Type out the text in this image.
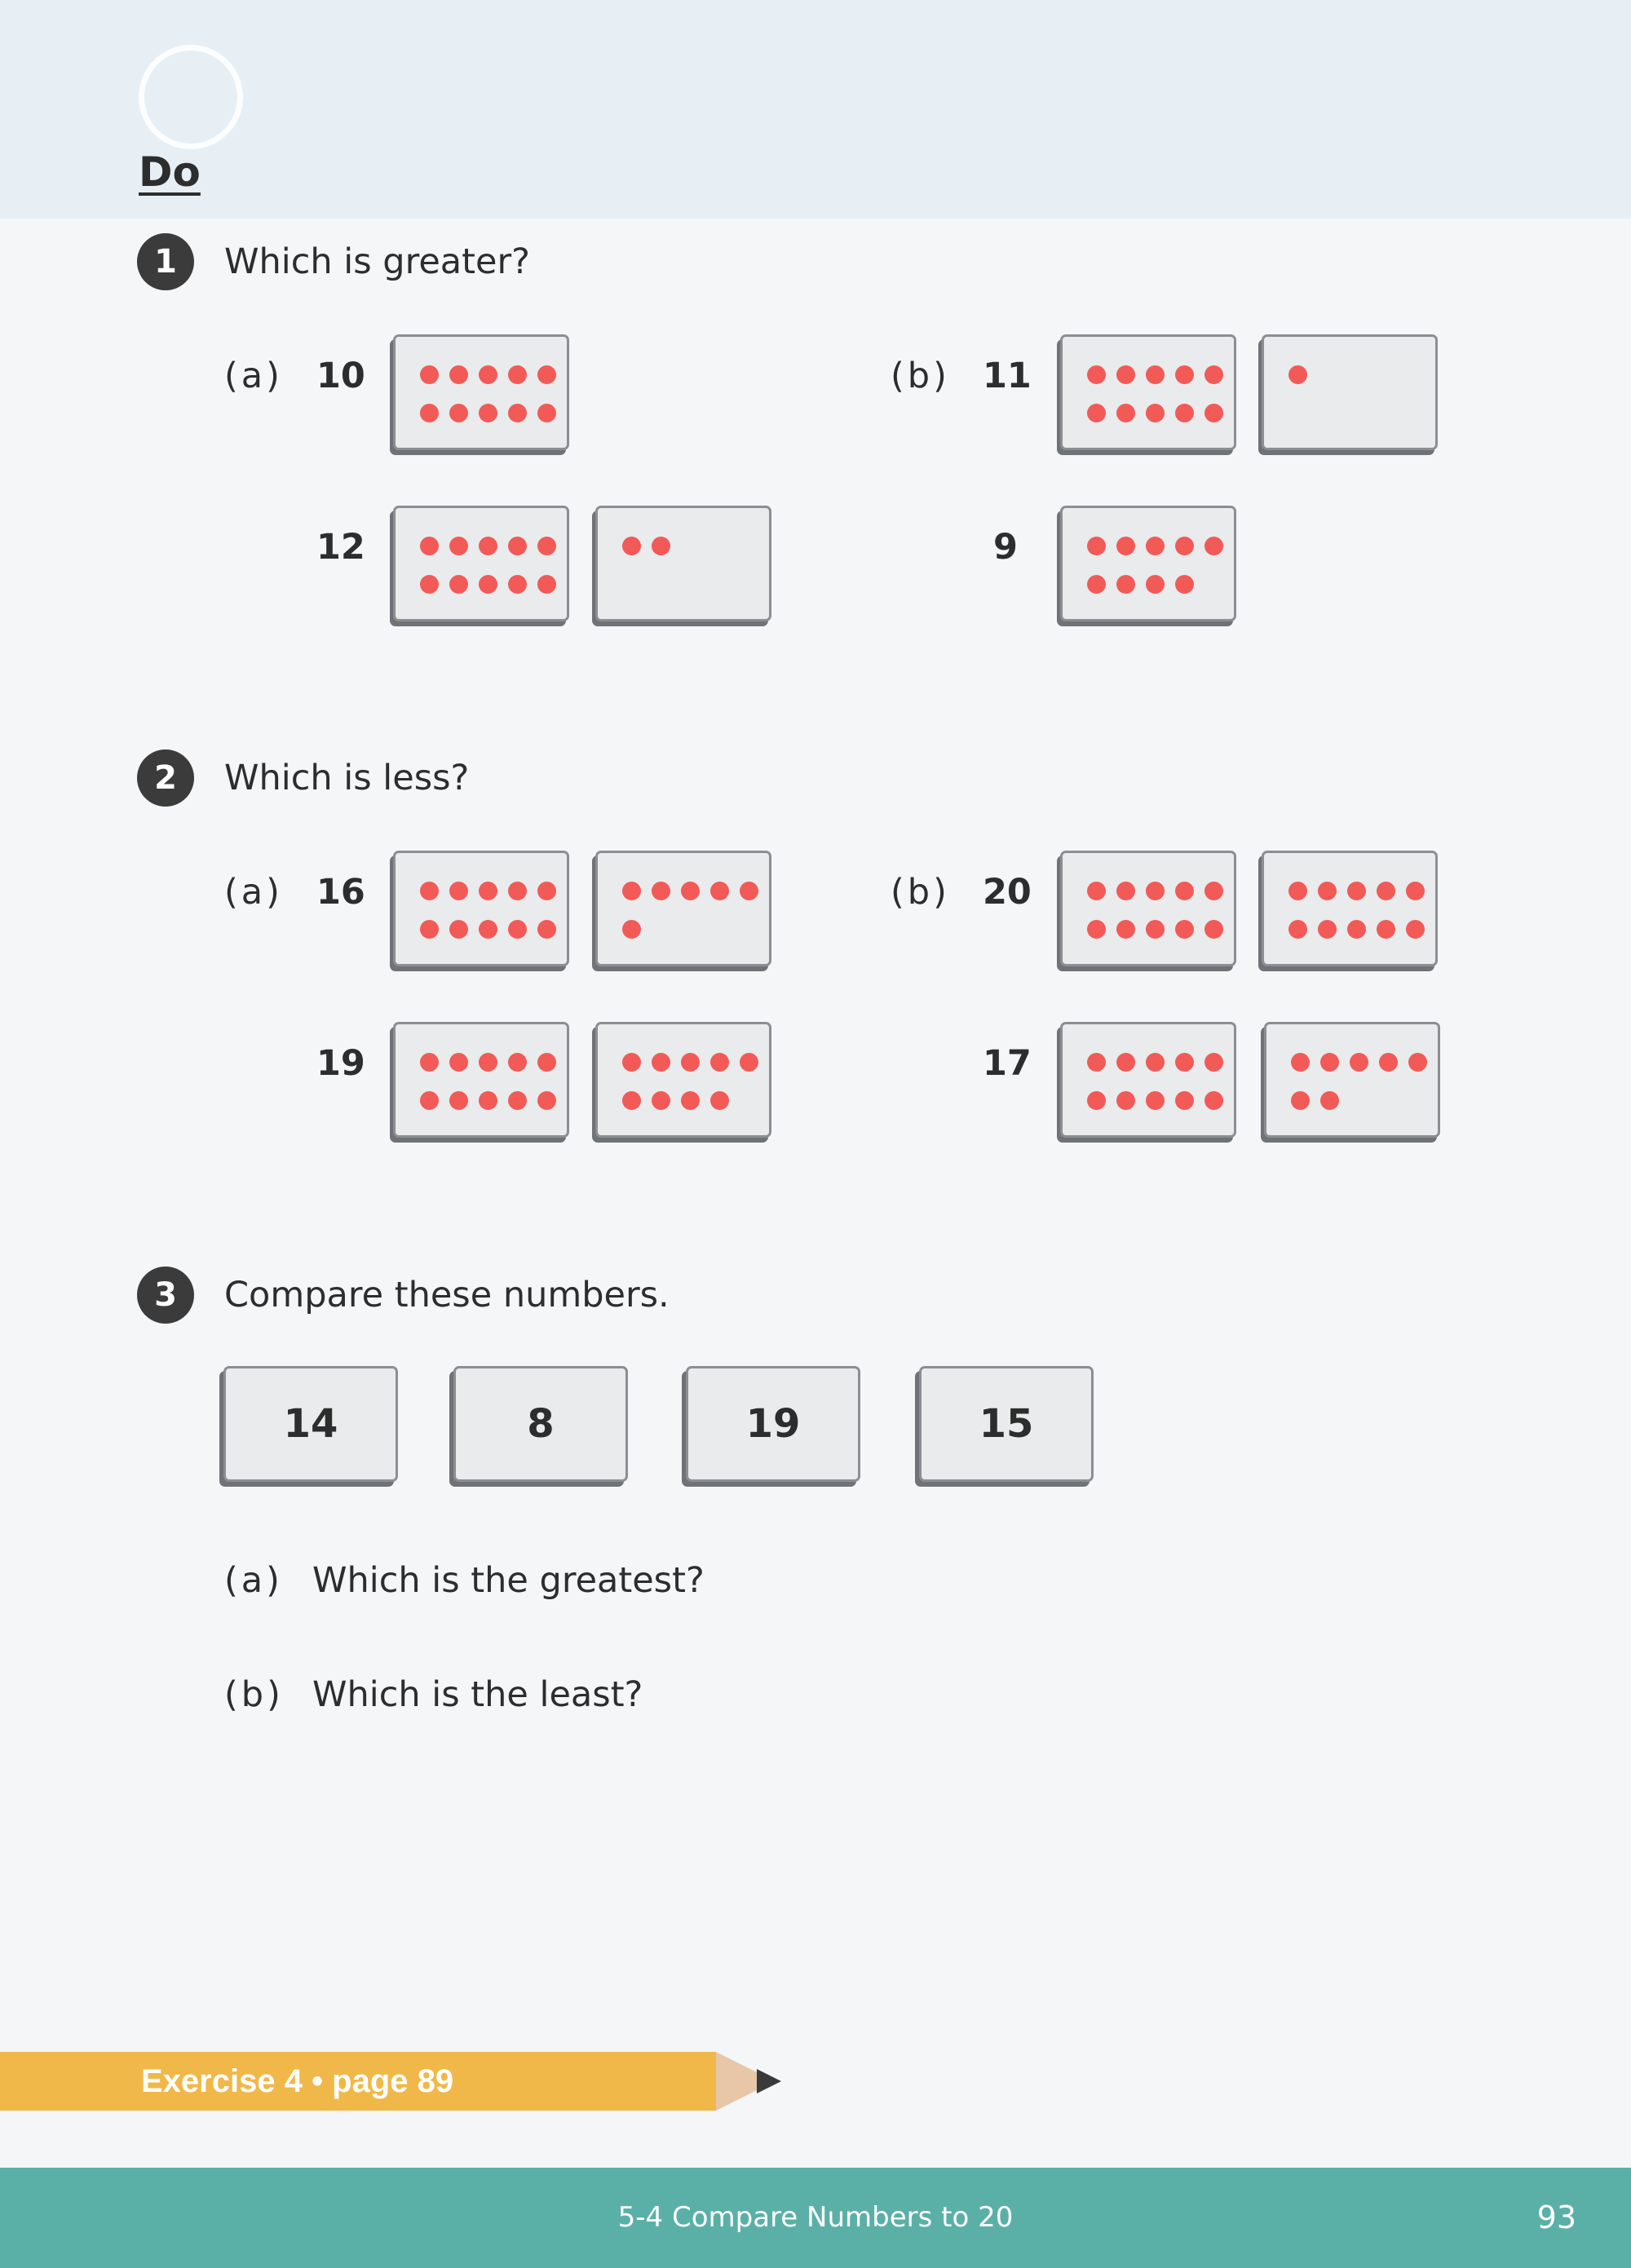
Do
1	Which is greater?
(a) 10
12
(b) 11
9
2	Which is less?
(a) 16
19
(b) 20
17
3	Compare these numbers.
14	8	19	15
(a) Which is the greatest?
(b) Which is the least?
Exercise 4 • page 89
5-4 Compare Numbers to 20	93
